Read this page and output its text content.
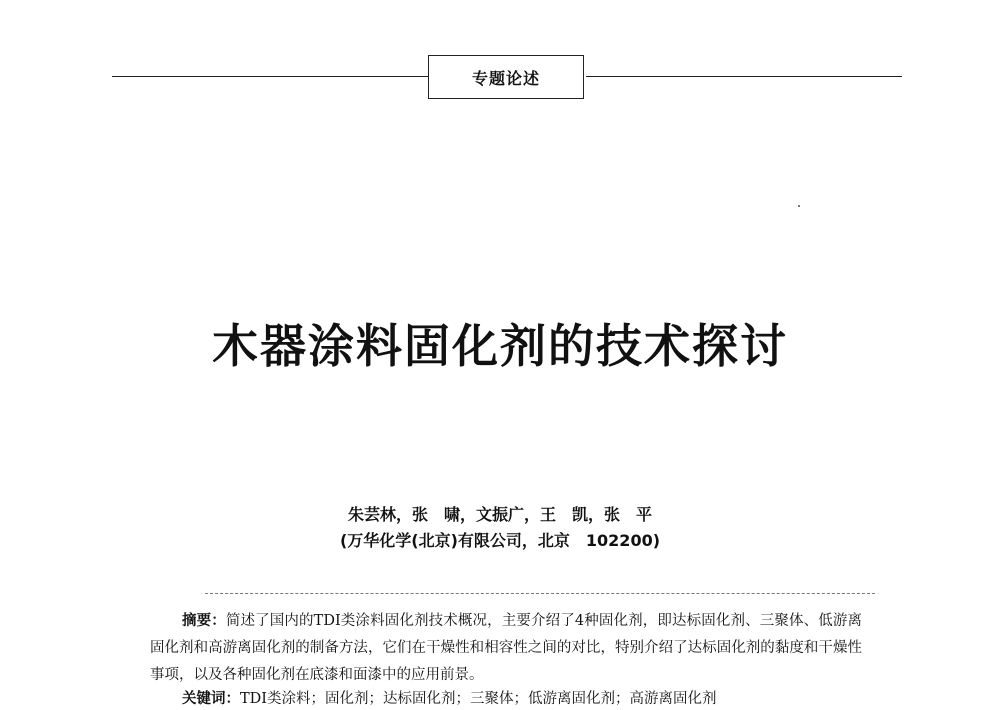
专题论述
木器涂料固化剂的技术探讨
朱芸林，张　啸，文振广，王　凯，张　平
(万华化学(北京)有限公司，北京　102200)
摘要：简述了国内的TDI类涂料固化剂技术概况，主要介绍了4种固化剂，即达标固化剂、三聚体、低游离固化剂和高游离固化剂的制备方法，它们在干燥性和相容性之间的对比，特别介绍了达标固化剂的黏度和干燥性事项，以及各种固化剂在底漆和面漆中的应用前景。
关键词：TDI类涂料；固化剂；达标固化剂；三聚体；低游离固化剂；高游离固化剂
